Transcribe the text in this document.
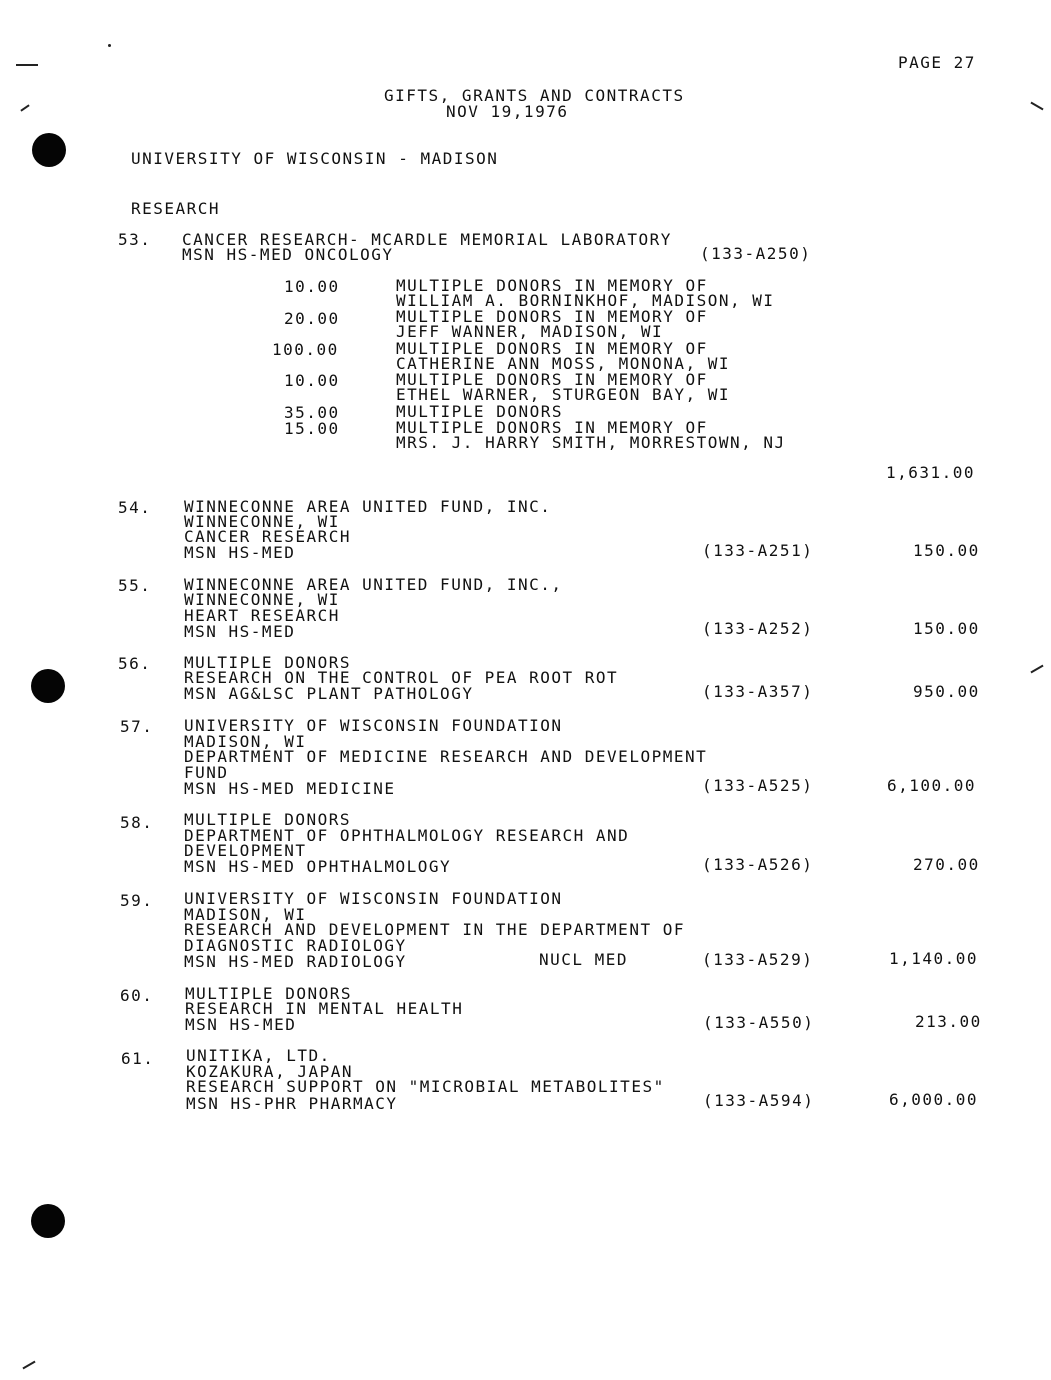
PAGE 27
GIFTS, GRANTS AND CONTRACTS
NOV 19,1976
UNIVERSITY OF WISCONSIN - MADISON
RESEARCH
53. CANCER RESEARCH- MCARDLE MEMORIAL LABORATORY
MSN HS-MED ONCOLOGY	(133-A250)
10.00	MULTIPLE DONORS IN MEMORY OF
WILLIAM A. BORNINKHOF, MADISON, WI
20.00	MULTIPLE DONORS IN MEMORY OF
JEFF WANNER, MADISON, WI
100.00	MULTIPLE DONORS IN MEMORY OF
CATHERINE ANN MOSS, MONONA, WI
10.00	MULTIPLE DONORS IN MEMORY OF
ETHEL WARNER, STURGEON BAY, WI
35.00	MULTIPLE DONORS
15.00	MULTIPLE DONORS IN MEMORY OF
MRS. J. HARRY SMITH, MORRESTOWN, NJ
1,631.00
54. WINNECONNE AREA UNITED FUND, INC.
WINNECONNE, WI
CANCER RESEARCH
MSN HS-MED	(133-A251)	150.00
55. WINNECONNE AREA UNITED FUND, INC.,
WINNECONNE, WI
HEART RESEARCH
MSN HS-MED	(133-A252)	150.00
56. MULTIPLE DONORS
RESEARCH ON THE CONTROL OF PEA ROOT ROT
MSN AG&LSC PLANT PATHOLOGY	(133-A357)	950.00
57. UNIVERSITY OF WISCONSIN FOUNDATION
MADISON, WI
DEPARTMENT OF MEDICINE RESEARCH AND DEVELOPMENT
FUND
MSN HS-MED MEDICINE	(133-A525)	6,100.00
58. MULTIPLE DONORS
DEPARTMENT OF OPHTHALMOLOGY RESEARCH AND
DEVELOPMENT
MSN HS-MED OPHTHALMOLOGY	(133-A526)	270.00
59. UNIVERSITY OF WISCONSIN FOUNDATION
MADISON, WI
RESEARCH AND DEVELOPMENT IN THE DEPARTMENT OF
DIAGNOSTIC RADIOLOGY
MSN HS-MED RADIOLOGY	NUCL MED	(133-A529)	1,140.00
60. MULTIPLE DONORS
RESEARCH IN MENTAL HEALTH
MSN HS-MED	(133-A550)	213.00
61. UNITIKA, LTD.
KOZAKURA, JAPAN
RESEARCH SUPPORT ON "MICROBIAL METABOLITES"
MSN HS-PHR PHARMACY	(133-A594)	6,000.00
